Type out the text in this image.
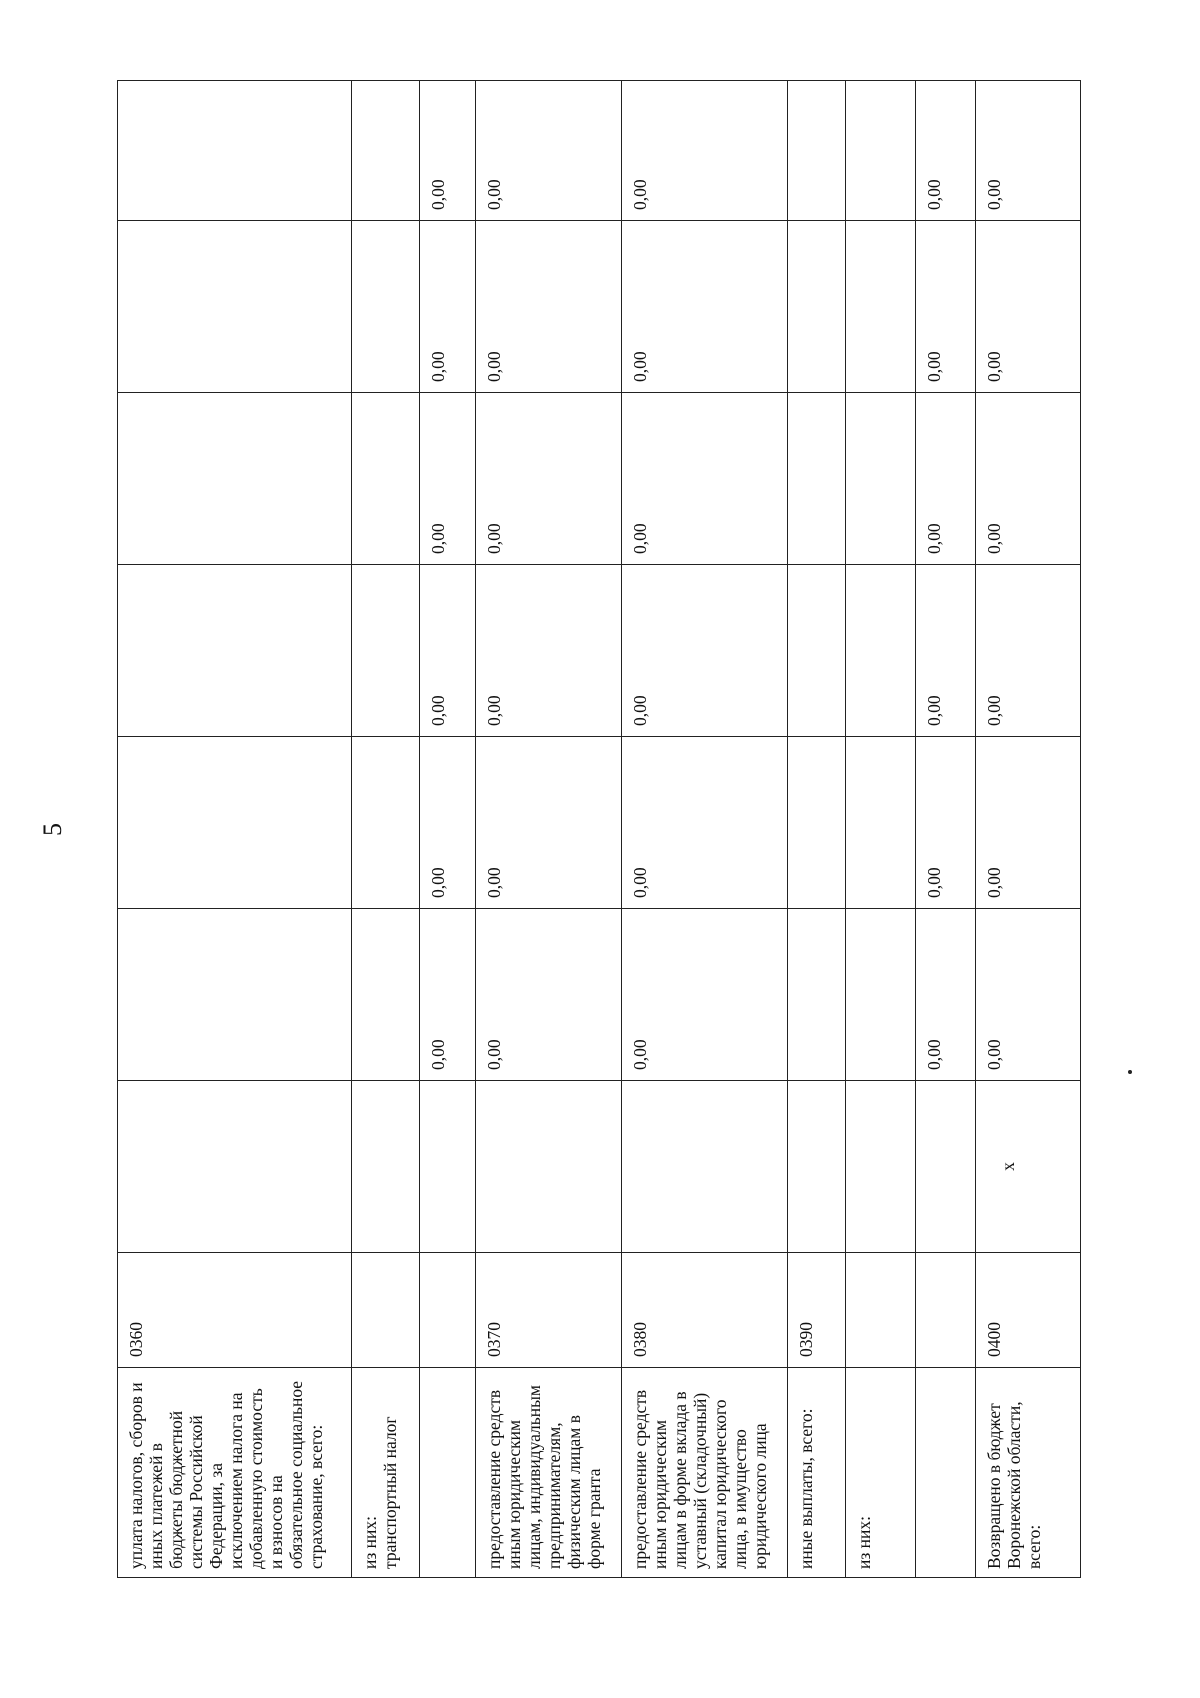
5
уплата налогов, сборов и иных платежей в бюджеты бюджетной системы Российской Федерации, за исключением налога на добавленную стоимость и взносов на обязательное социальное страхование, всего:	0360							
из них:
транспортный налог								
			0,00	0,00	0,00	0,00	0,00	0,00
предоставление средств иным юридическим лицам, индивидуальным предпринимателям, физическим лицам в форме гранта	0370		0,00	0,00	0,00	0,00	0,00	0,00
предоставление средств иным юридическим лицам в форме вклада в уставный (складочный) капитал юридического лица, в имущество юридического лица	0380		0,00	0,00	0,00	0,00	0,00	0,00
иные выплаты, всего:	0390							
из них:								
			0,00	0,00	0,00	0,00	0,00	0,00
Возвращено в бюджет Воронежской области, всего:	0400	x	0,00	0,00	0,00	0,00	0,00	0,00
